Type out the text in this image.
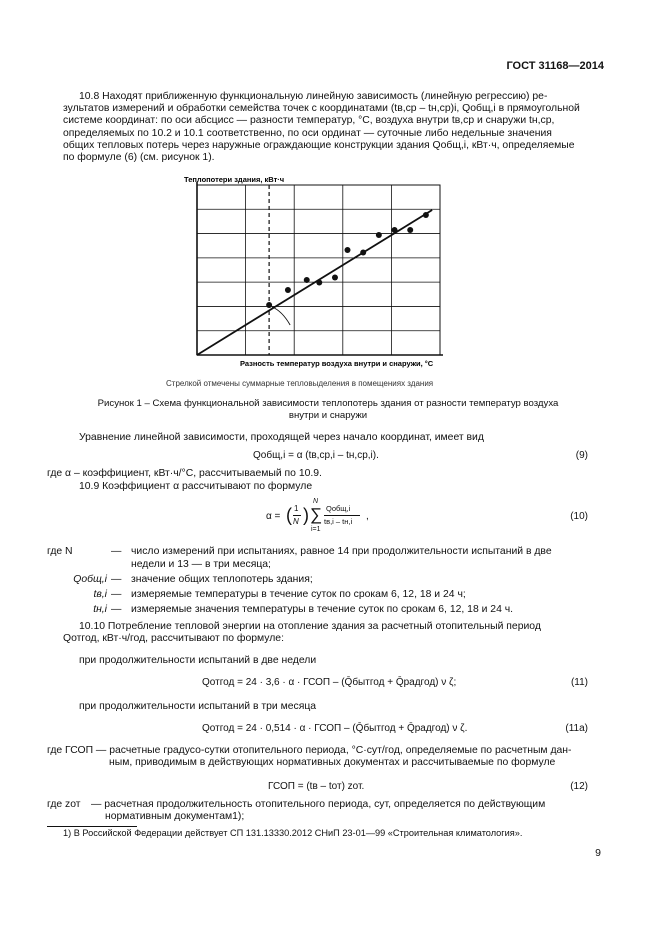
ГОСТ 31168—2014
10.8 Находят приближенную функциональную линейную зависимость (линейную регрессию) ре-
зультатов измерений и обработки семейства точек с координатами (tв,ср – tн,ср)i, Qобщ,i в прямоугольной
системе координат: по оси абсцисс — разности температур, °С, воздуха внутри tв,ср и снаружи tн,ср,
определяемых по 10.2 и 10.1 соответственно, по оси ординат — суточные либо недельные значения
общих тепловых потерь через наружные ограждающие конструкции здания Qобщ,i, кВт·ч, определяемые
по формуле (6) (см. рисунок 1).
Теплопотери здания, кВт·ч
Разность температур воздуха внутри и снаружи, °С
Стрелкой отмечены суммарные тепловыделения в помещениях здания
Рисунок 1 – Схема функциональной зависимости теплопотерь здания от разности температур воздуха
внутри и снаружи
Уравнение линейной зависимости, проходящей через начало координат, имеет вид
Qобщ,i = α (tв,ср,i – tн,ср,i).	(9)
где α – коэффициент, кВт·ч/°С, рассчитываемый по 10.9.
10.9 Коэффициент α рассчитывают по формуле
α = ( 1
N )
N
∑
i=1
Qобщ,i
tв,i – tн,i ,	(10)
где N	— число измерений при испытаниях, равное 14 при продолжительности испытаний в две
недели и 13 — в три месяца;
Qобщ,i — значение общих теплопотерь здания;
tв,i — измеряемые температуры в течение суток по срокам 6, 12, 18 и 24 ч;
tн,i — измеряемые значения температуры в течение суток по срокам 6, 12, 18 и 24 ч.
10.10 Потребление тепловой энергии на отопление здания за расчетный отопительный период
Qотгод, кВт·ч/год, рассчитывают по формуле:
при продолжительности испытаний в две недели
Qотгод = 24 · 3,6 · α · ГСОП – (Q̄бытгод + Q̄радгод) ν ζ;	(11)
при продолжительности испытаний в три месяца
Qотгод = 24 · 0,514 · α · ГСОП – (Q̄бытгод + Q̄радгод) ν ζ.	(11a)
где ГСОП — расчетные градусо-сутки отопительного периода, °С·сут/год, определяемые по расчетным дан-
ным, приводимым в действующих нормативных документах и рассчитываемые по формуле
ГСОП = (tв – tот) zот.	(12)
где zот	— расчетная продолжительность отопительного периода, сут, определяется по действующим
нормативным документам1);
1) В Российской Федерации действует СП 131.13330.2012 СНиП 23-01—99 «Строительная климатология».
9
